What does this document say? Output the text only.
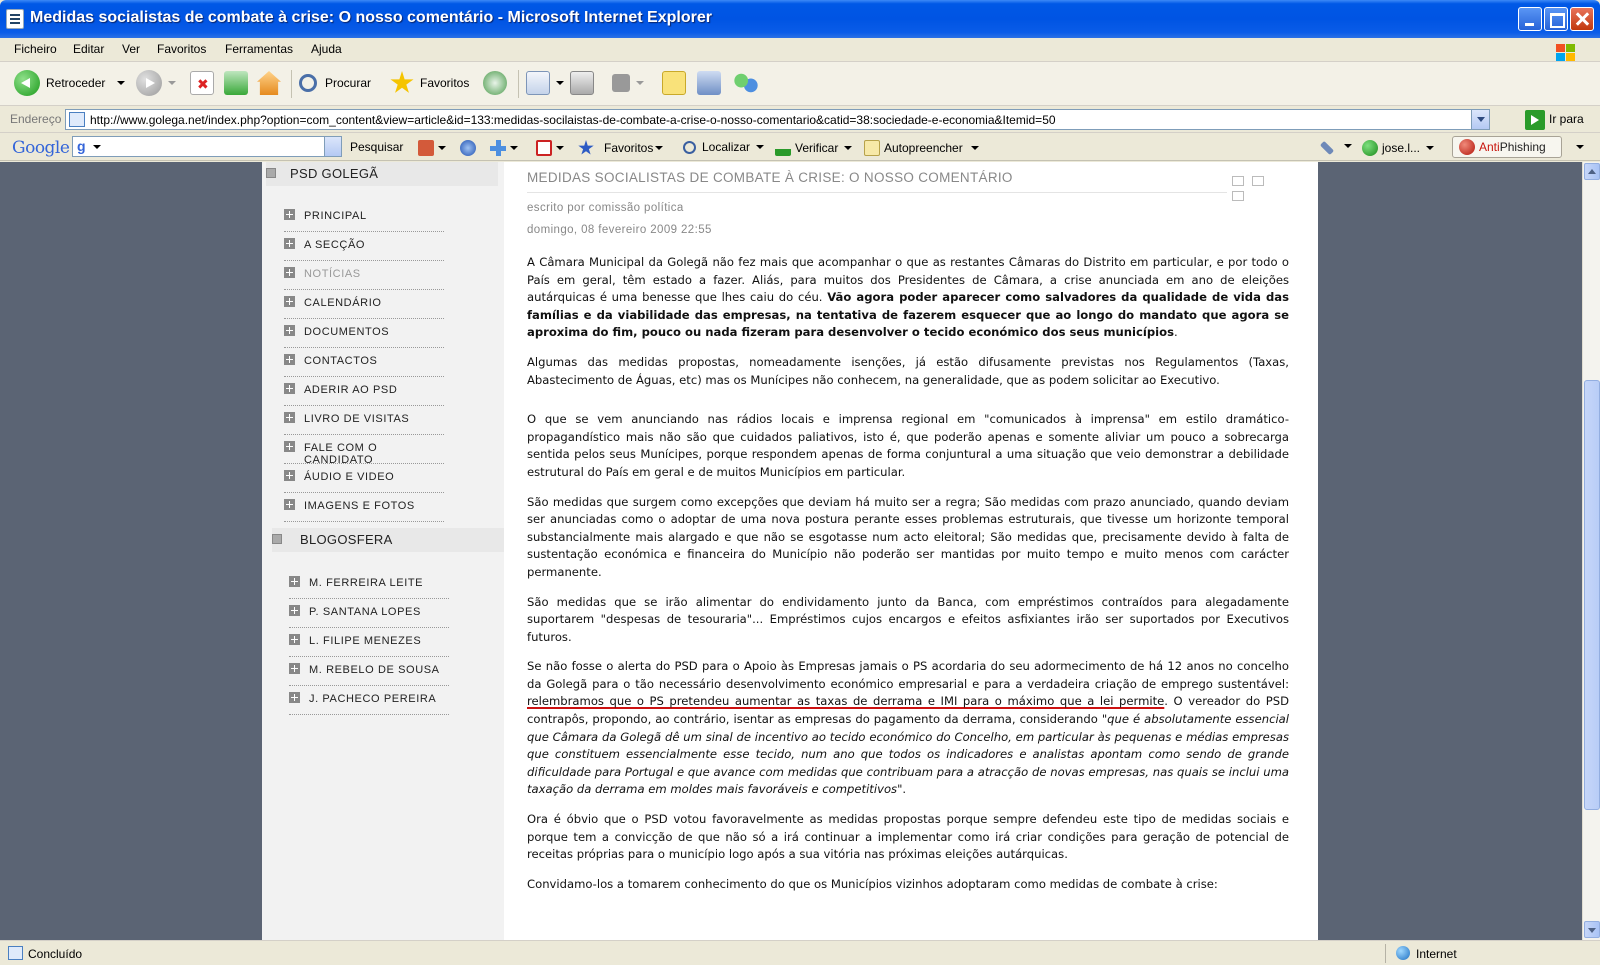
Medidas socialistas de combate à crise: O nosso comentário - Microsoft Internet Explorer
Ficheiro Editar Ver Favoritos Ferramentas Ajuda
Retroceder	✖	Procurar	Favoritos
Endereço http://www.golega.net/index.php?option=com_content&view=article&id=133:medidas-socilaistas-de-combate-a-crise-o-nosso-comentario&catid=38:sociedade-e-economia&Itemid=50	Ir para
Google g	Pesquisar	Favoritos	Localizar	Verificar	Autopreencher	jose.l...	Anti Phishing
PSD GOLEGÃ
PRINCIPAL
A SECÇÃO
NOTÍCIAS
CALENDÁRIO
DOCUMENTOS
CONTACTOS
ADERIR AO PSD
LIVRO DE VISITAS
FALE COM O CANDIDATO
ÁUDIO E VIDEO
IMAGENS E FOTOS
BLOGOSFERA
M. FERREIRA LEITE
P. SANTANA LOPES
L. FILIPE MENEZES
M. REBELO DE SOUSA
J. PACHECO PEREIRA
MEDIDAS SOCIALISTAS DE COMBATE À CRISE: O NOSSO COMENTÁRIO
escrito por comissão política
domingo, 08 fevereiro 2009 22:55

A Câmara Municipal da Golegã não fez mais que acompanhar o que as restantes Câmaras do Distrito em particular, e por todo o País em geral, têm estado a fazer. Aliás, para muitos dos Presidentes de Câmara, a crise anunciada em ano de eleições autárquicas é uma benesse que lhes caiu do céu. Vão agora poder aparecer como salvadores da qualidade de vida das famílias e da viabilidade das empresas, na tentativa de fazerem esquecer que ao longo do mandato que agora se aproxima do fim, pouco ou nada fizeram para desenvolver o tecido económico dos seus municípios.

Algumas das medidas propostas, nomeadamente isenções, já estão difusamente previstas nos Regulamentos (Taxas, Abastecimento de Águas, etc) mas os Munícipes não conhecem, na generalidade, que as podem solicitar ao Executivo.

O que se vem anunciando nas rádios locais e imprensa regional em "comunicados à imprensa" em estilo dramático-propagandístico mais não são que cuidados paliativos, isto é, que poderão apenas e somente aliviar um pouco a sobrecarga sentida pelos seus Munícipes, porque respondem apenas de forma conjuntural a uma situação que veio demonstrar a debilidade estrutural do País em geral e de muitos Municípios em particular.

São medidas que surgem como excepções que deviam há muito ser a regra; São medidas com prazo anunciado, quando deviam ser anunciadas como o adoptar de uma nova postura perante esses problemas estruturais, que tivesse um horizonte temporal substancialmente mais alargado e que não se esgotasse num acto eleitoral; São medidas que, precisamente devido à falta de sustentação económica e financeira do Município não poderão ser mantidas por muito tempo e muito menos com carácter permanente.

São medidas que se irão alimentar do endividamento junto da Banca, com empréstimos contraídos para alegadamente suportarem "despesas de tesouraria"... Empréstimos cujos encargos e efeitos asfixiantes irão ser suportados por Executivos futuros.

Se não fosse o alerta do PSD para o Apoio às Empresas jamais o PS acordaria do seu adormecimento de há 12 anos no concelho da Golegã para o tão necessário desenvolvimento económico empresarial e para a verdadeira criação de emprego sustentável: relembramos que o PS pretendeu aumentar as taxas de derrama e IMI para o máximo que a lei permite. O vereador do PSD contrapôs, propondo, ao contrário, isentar as empresas do pagamento da derrama, considerando "que é absolutamente essencial que Câmara da Golegã dê um sinal de incentivo ao tecido económico do Concelho, em particular às pequenas e médias empresas que constituem essencialmente esse tecido, num ano que todos os indicadores e analistas apontam como sendo de grande dificuldade para Portugal e que avance com medidas que contribuam para a atracção de novas empresas, nas quais se inclui uma taxação da derrama em moldes mais favoráveis e competitivos".

Ora é óbvio que o PSD votou favoravelmente as medidas propostas porque sempre defendeu este tipo de medidas sociais e porque tem a convicção de que não só a irá continuar a implementar como irá criar condições para geração de potencial de receitas próprias para o município logo após a sua vitória nas próximas eleições autárquicas.

Convidamo-los a tomarem conhecimento do que os Municípios vizinhos adoptaram como medidas de combate à crise:

Concluído	Internet
